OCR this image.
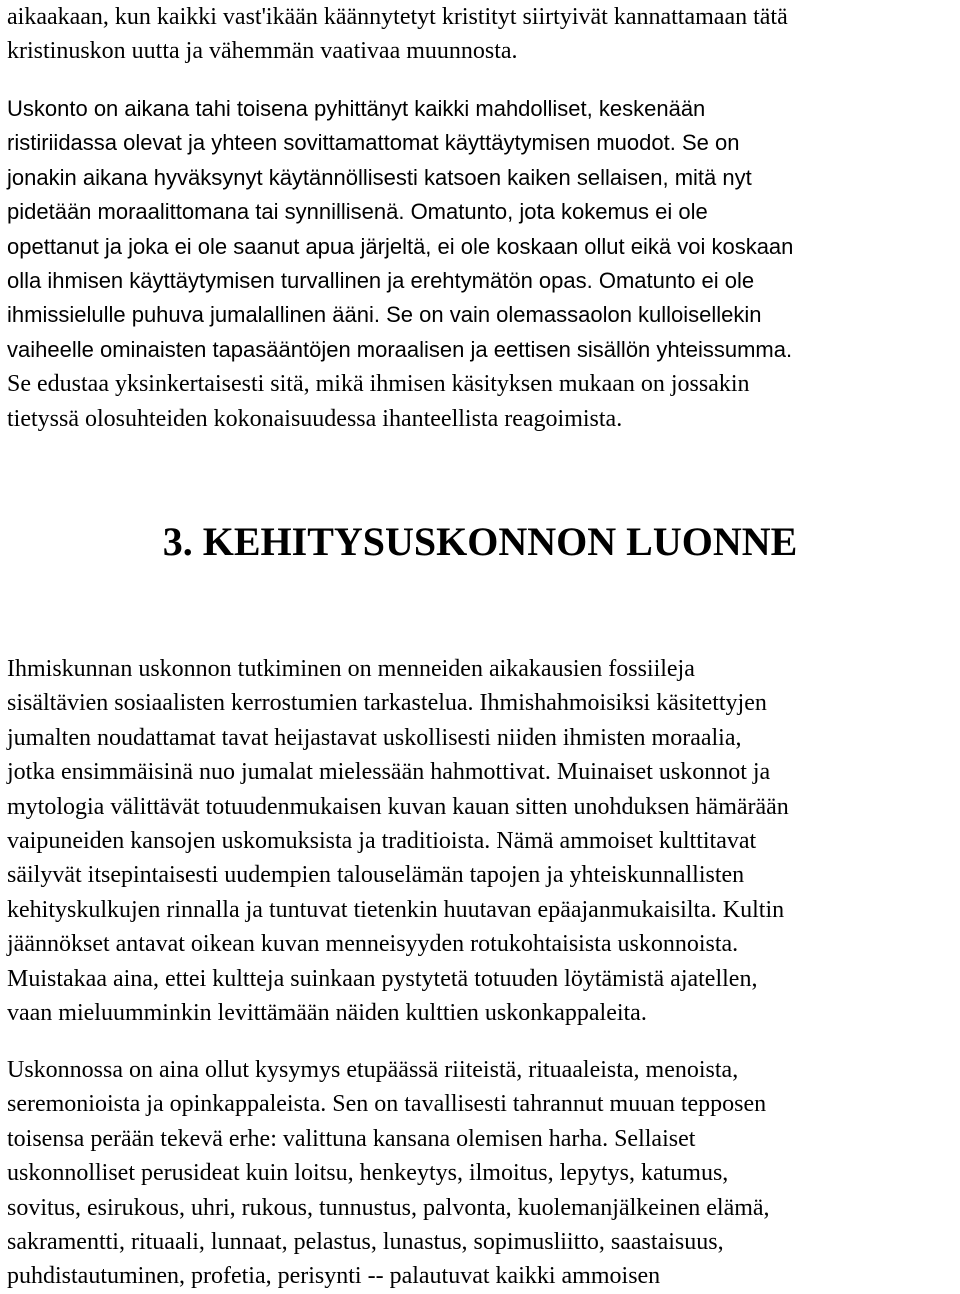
aikaakaan, kun kaikki vast'ikään käännytetyt kristityt siirtyivät kannattamaan tätä
kristinuskon uutta ja vähemmän vaativaa muunnosta.

Uskonto on aikana tahi toisena pyhittänyt kaikki mahdolliset, keskenään
ristiriidassa olevat ja yhteen sovittamattomat käyttäytymisen muodot. Se on
jonakin aikana hyväksynyt käytännöllisesti katsoen kaiken sellaisen, mitä nyt
pidetään moraalittomana tai synnillisenä. Omatunto, jota kokemus ei ole
opettanut ja joka ei ole saanut apua järjeltä, ei ole koskaan ollut eikä voi koskaan
olla ihmisen käyttäytymisen turvallinen ja erehtymätön opas. Omatunto ei ole
ihmissielulle puhuva jumalallinen ääni. Se on vain olemassaolon kulloisellekin
vaiheelle ominaisten tapasääntöjen moraalisen ja eettisen sisällön yhteissumma.
Se edustaa yksinkertaisesti sitä, mikä ihmisen käsityksen mukaan on jossakin
tietyssä olosuhteiden kokonaisuudessa ihanteellista reagoimista.

3. KEHITYSUSKONNON LUONNE

Ihmiskunnan uskonnon tutkiminen on menneiden aikakausien fossiileja
sisältävien sosiaalisten kerrostumien tarkastelua. Ihmishahmoisiksi käsitettyjen
jumalten noudattamat tavat heijastavat uskollisesti niiden ihmisten moraalia,
jotka ensimmäisinä nuo jumalat mielessään hahmottivat. Muinaiset uskonnot ja
mytologia välittävät totuudenmukaisen kuvan kauan sitten unohduksen hämärään
vaipuneiden kansojen uskomuksista ja traditioista. Nämä ammoiset kulttitavat
säilyvät itsepintaisesti uudempien talouselämän tapojen ja yhteiskunnallisten
kehityskulkujen rinnalla ja tuntuvat tietenkin huutavan epäajanmukaisilta. Kultin
jäännökset antavat oikean kuvan menneisyyden rotukohtaisista uskonnoista.
Muistakaa aina, ettei kultteja suinkaan pystytetä totuuden löytämistä ajatellen,
vaan mieluumminkin levittämään näiden kulttien uskonkappaleita.

Uskonnossa on aina ollut kysymys etupäässä riiteistä, rituaaleista, menoista,
seremonioista ja opinkappaleista. Sen on tavallisesti tahrannut muuan tepposen
toisensa perään tekevä erhe: valittuna kansana olemisen harha. Sellaiset
uskonnolliset perusideat kuin loitsu, henkeytys, ilmoitus, lepytys, katumus,
sovitus, esirukous, uhri, rukous, tunnustus, palvonta, kuolemanjälkeinen elämä,
sakramentti, rituaali, lunnaat, pelastus, lunastus, sopimusliitto, saastaisuus,
puhdistautuminen, profetia, perisynti -- palautuvat kaikki ammoisen
